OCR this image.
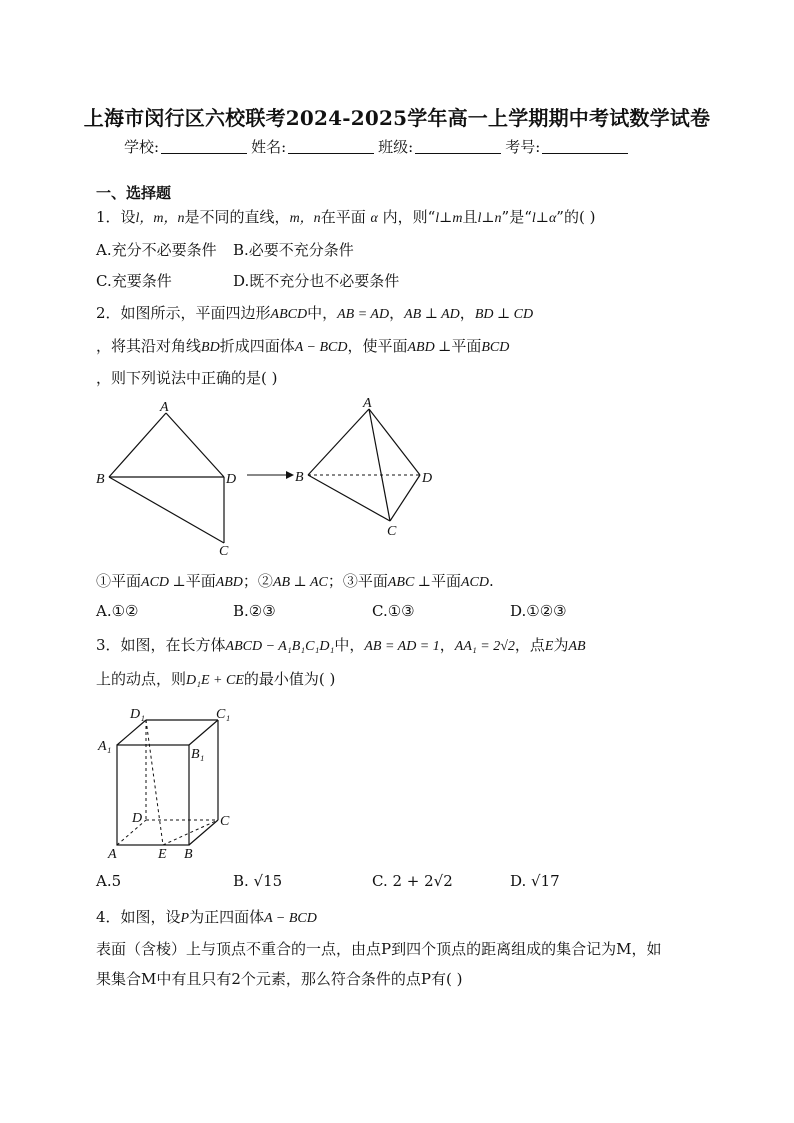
上海市闵行区六校联考2024-2025学年高一上学期期中考试数学试卷
学校:	姓名:	班级:	考号:
一、选择题
1．设l，m，n是不同的直线，m，n在平面 α 内，则“l⊥m且l⊥n”是“l⊥α”的( )
A.充分不必要条件 B.必要不充分条件
C.充要条件	D.既不充分也不必要条件
2．如图所示，平面四边形ABCD中，AB = AD，AB ⊥ AD，BD ⊥ CD
，将其沿对角线BD折成四面体A − BCD，使平面ABD ⊥平面BCD
，则下列说法中正确的是( )
A
B	D
C
A
B	D
C
①平面ACD ⊥平面ABD；②AB ⊥ AC；③平面ABC ⊥平面ACD.
A.①②	B.②③	C.①③	D.①②③
3．如图，在长方体ABCD − A₁B₁C₁D₁中，AB = AD = 1，AA₁ = 2√2，点E为AB
上的动点，则D₁E + CE的最小值为( )
D₁	C₁
A₁
B₁
D	C
A	E B
A.5	B. √15	C. 2 + 2√2	D. √17
4．如图，设P为正四面体A − BCD
表面（含棱）上与顶点不重合的一点，由点P到四个顶点的距离组成的集合记为M，如
果集合M中有且只有2个元素，那么符合条件的点P有( )
